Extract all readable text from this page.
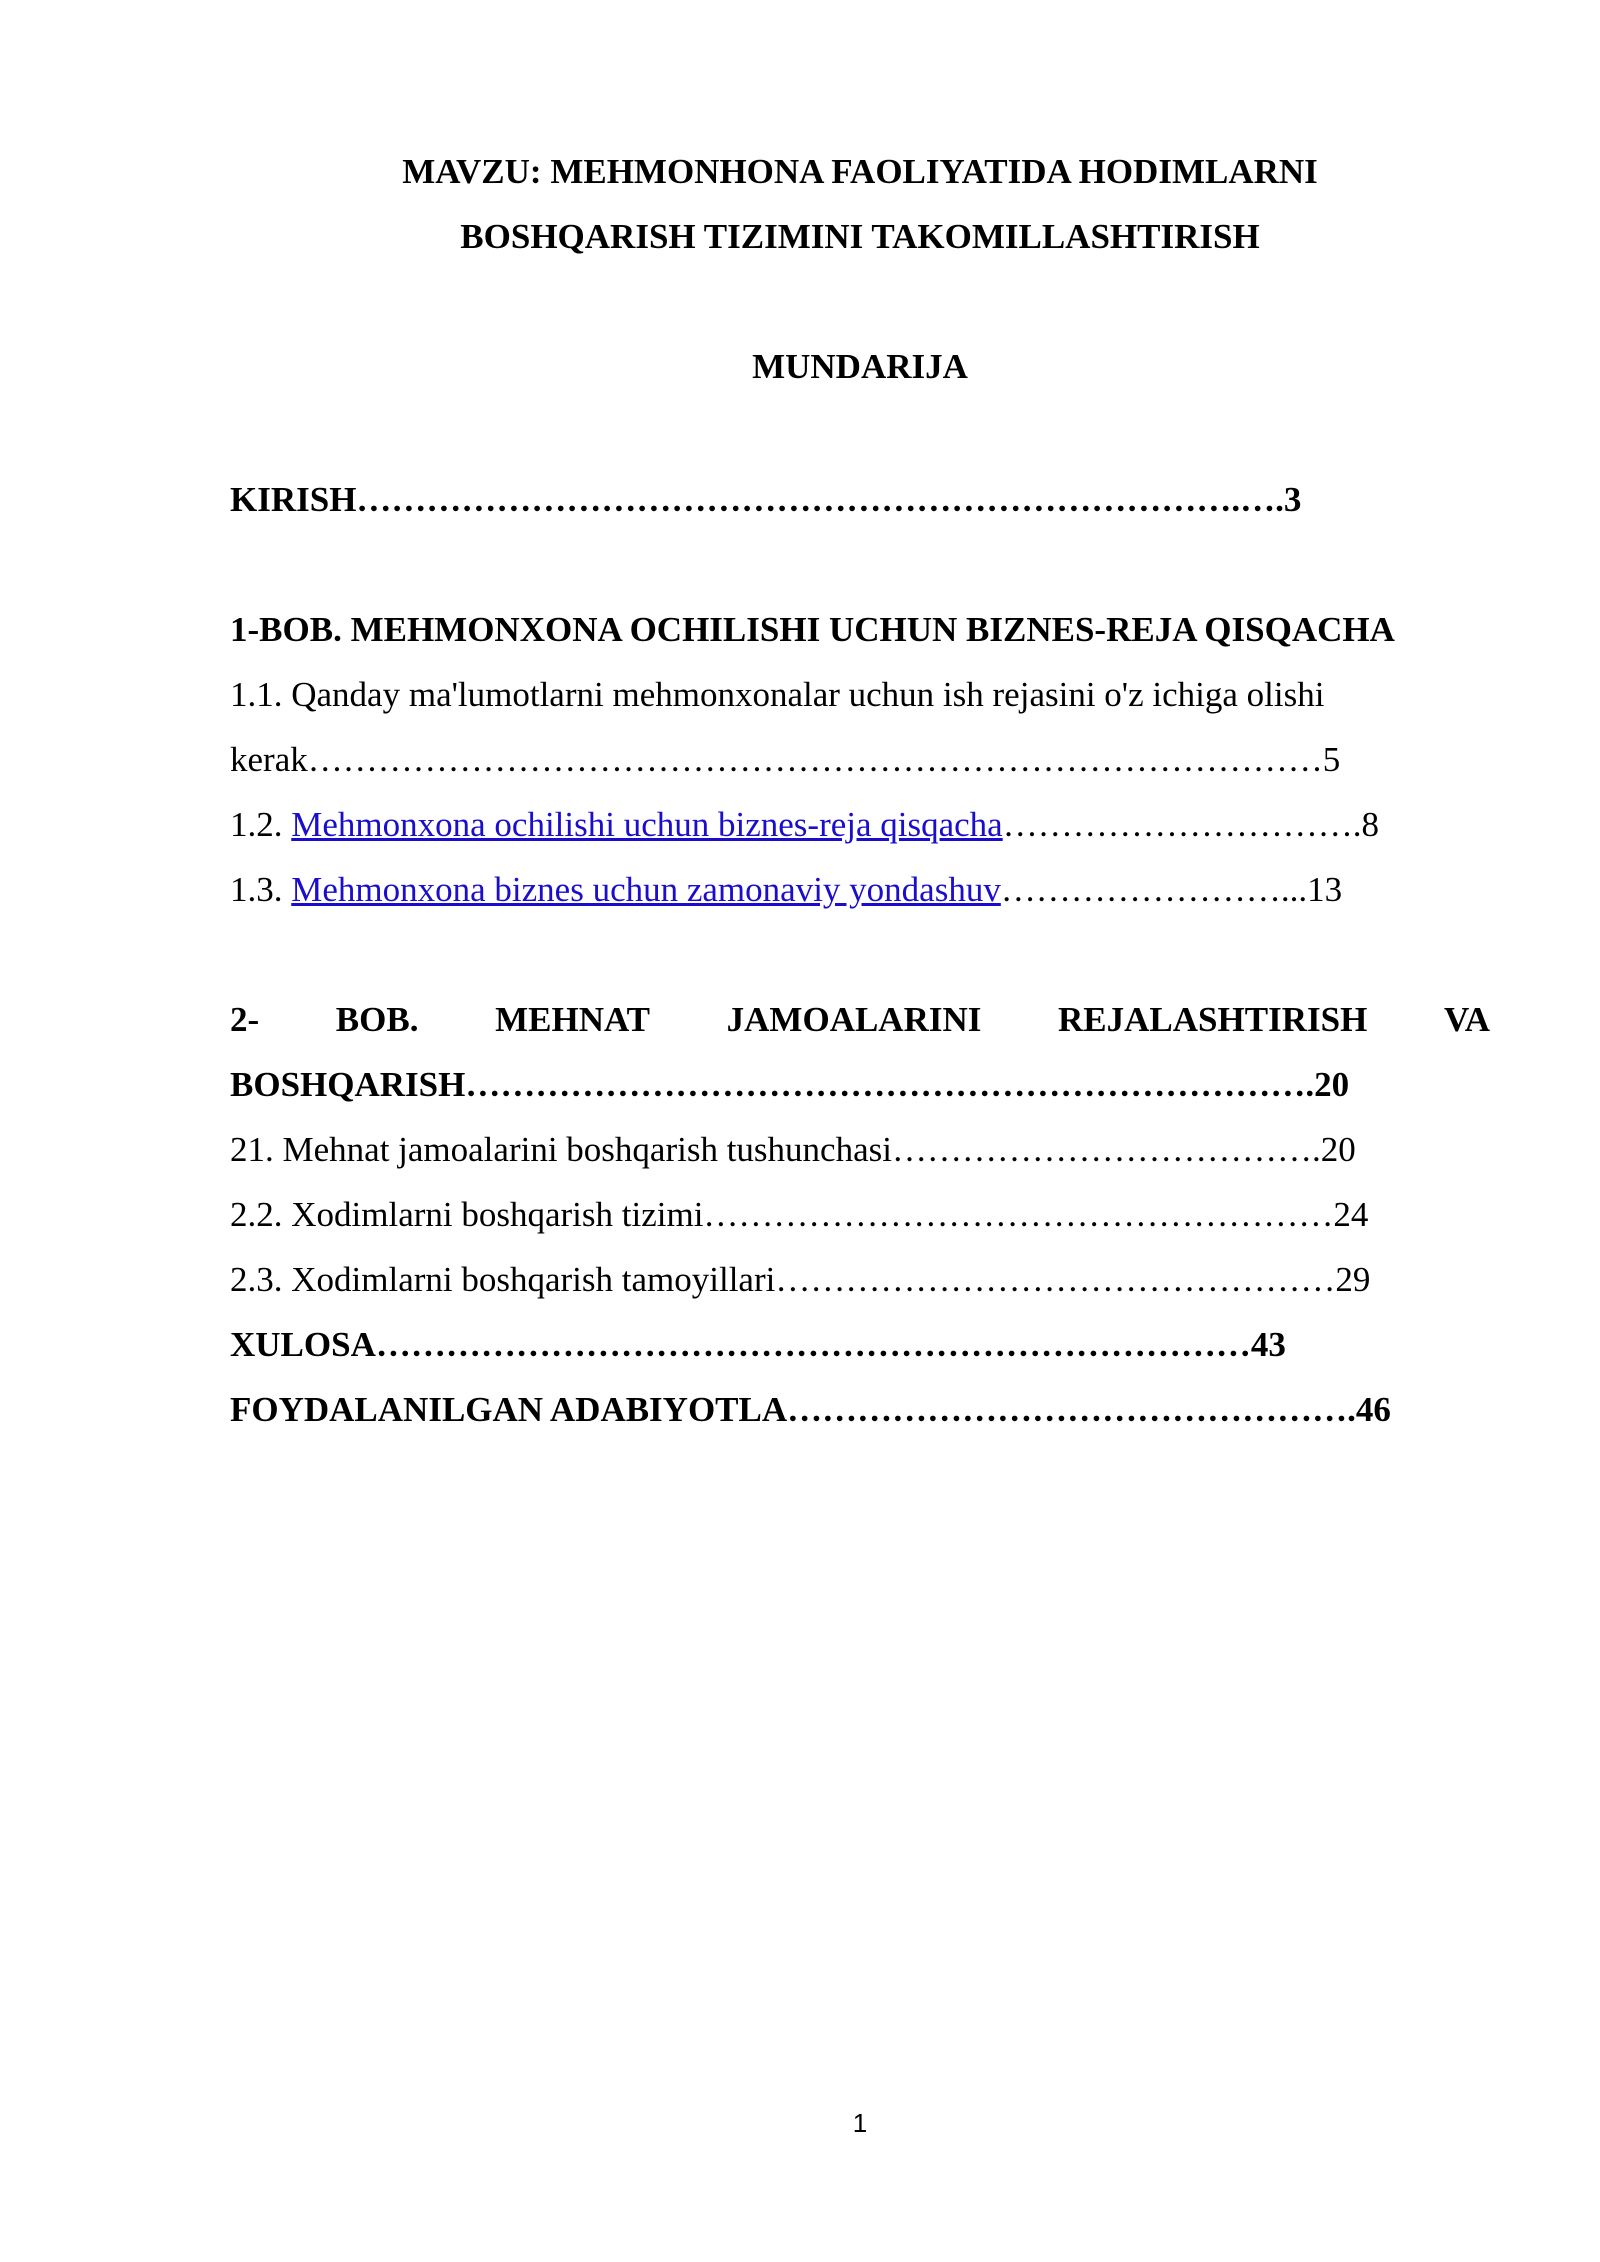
MAVZU: MEHMONHONA FAOLIYATIDA HODIMLARNI
BOSHQARISH TIZIMINI TAKOMILLASHTIRISH
MUNDARIJA
KIRISH………………………………………………………………….….3
1-BOB. MEHMONXONA OCHILISHI UCHUN BIZNES-REJA QISQACHA
1.1. Qanday ma'lumotlarni mehmonxonalar uchun ish rejasini o'z ichiga olishi
kerak……………………………………………………………………………5
1.2. Mehmonxona ochilishi uchun biznes-reja qisqacha………………………….8
1.3. Mehmonxona biznes uchun zamonaviy yondashuv……………………...13
2- BOB. MEHNAT JAMOALARINI REJALASHTIRISH VA
BOSHQARISH……………………………………………………………….20
21. Mehnat jamoalarini boshqarish tushunchasi……………………………….20
2.2. Xodimlarni boshqarish tizimi………………………………………………24
2.3. Xodimlarni boshqarish tamoyillari…………………………………………29
XULOSA…………………………………………………………………43
FOYDALANILGAN ADABIYOTLA………………………………………….46
1
